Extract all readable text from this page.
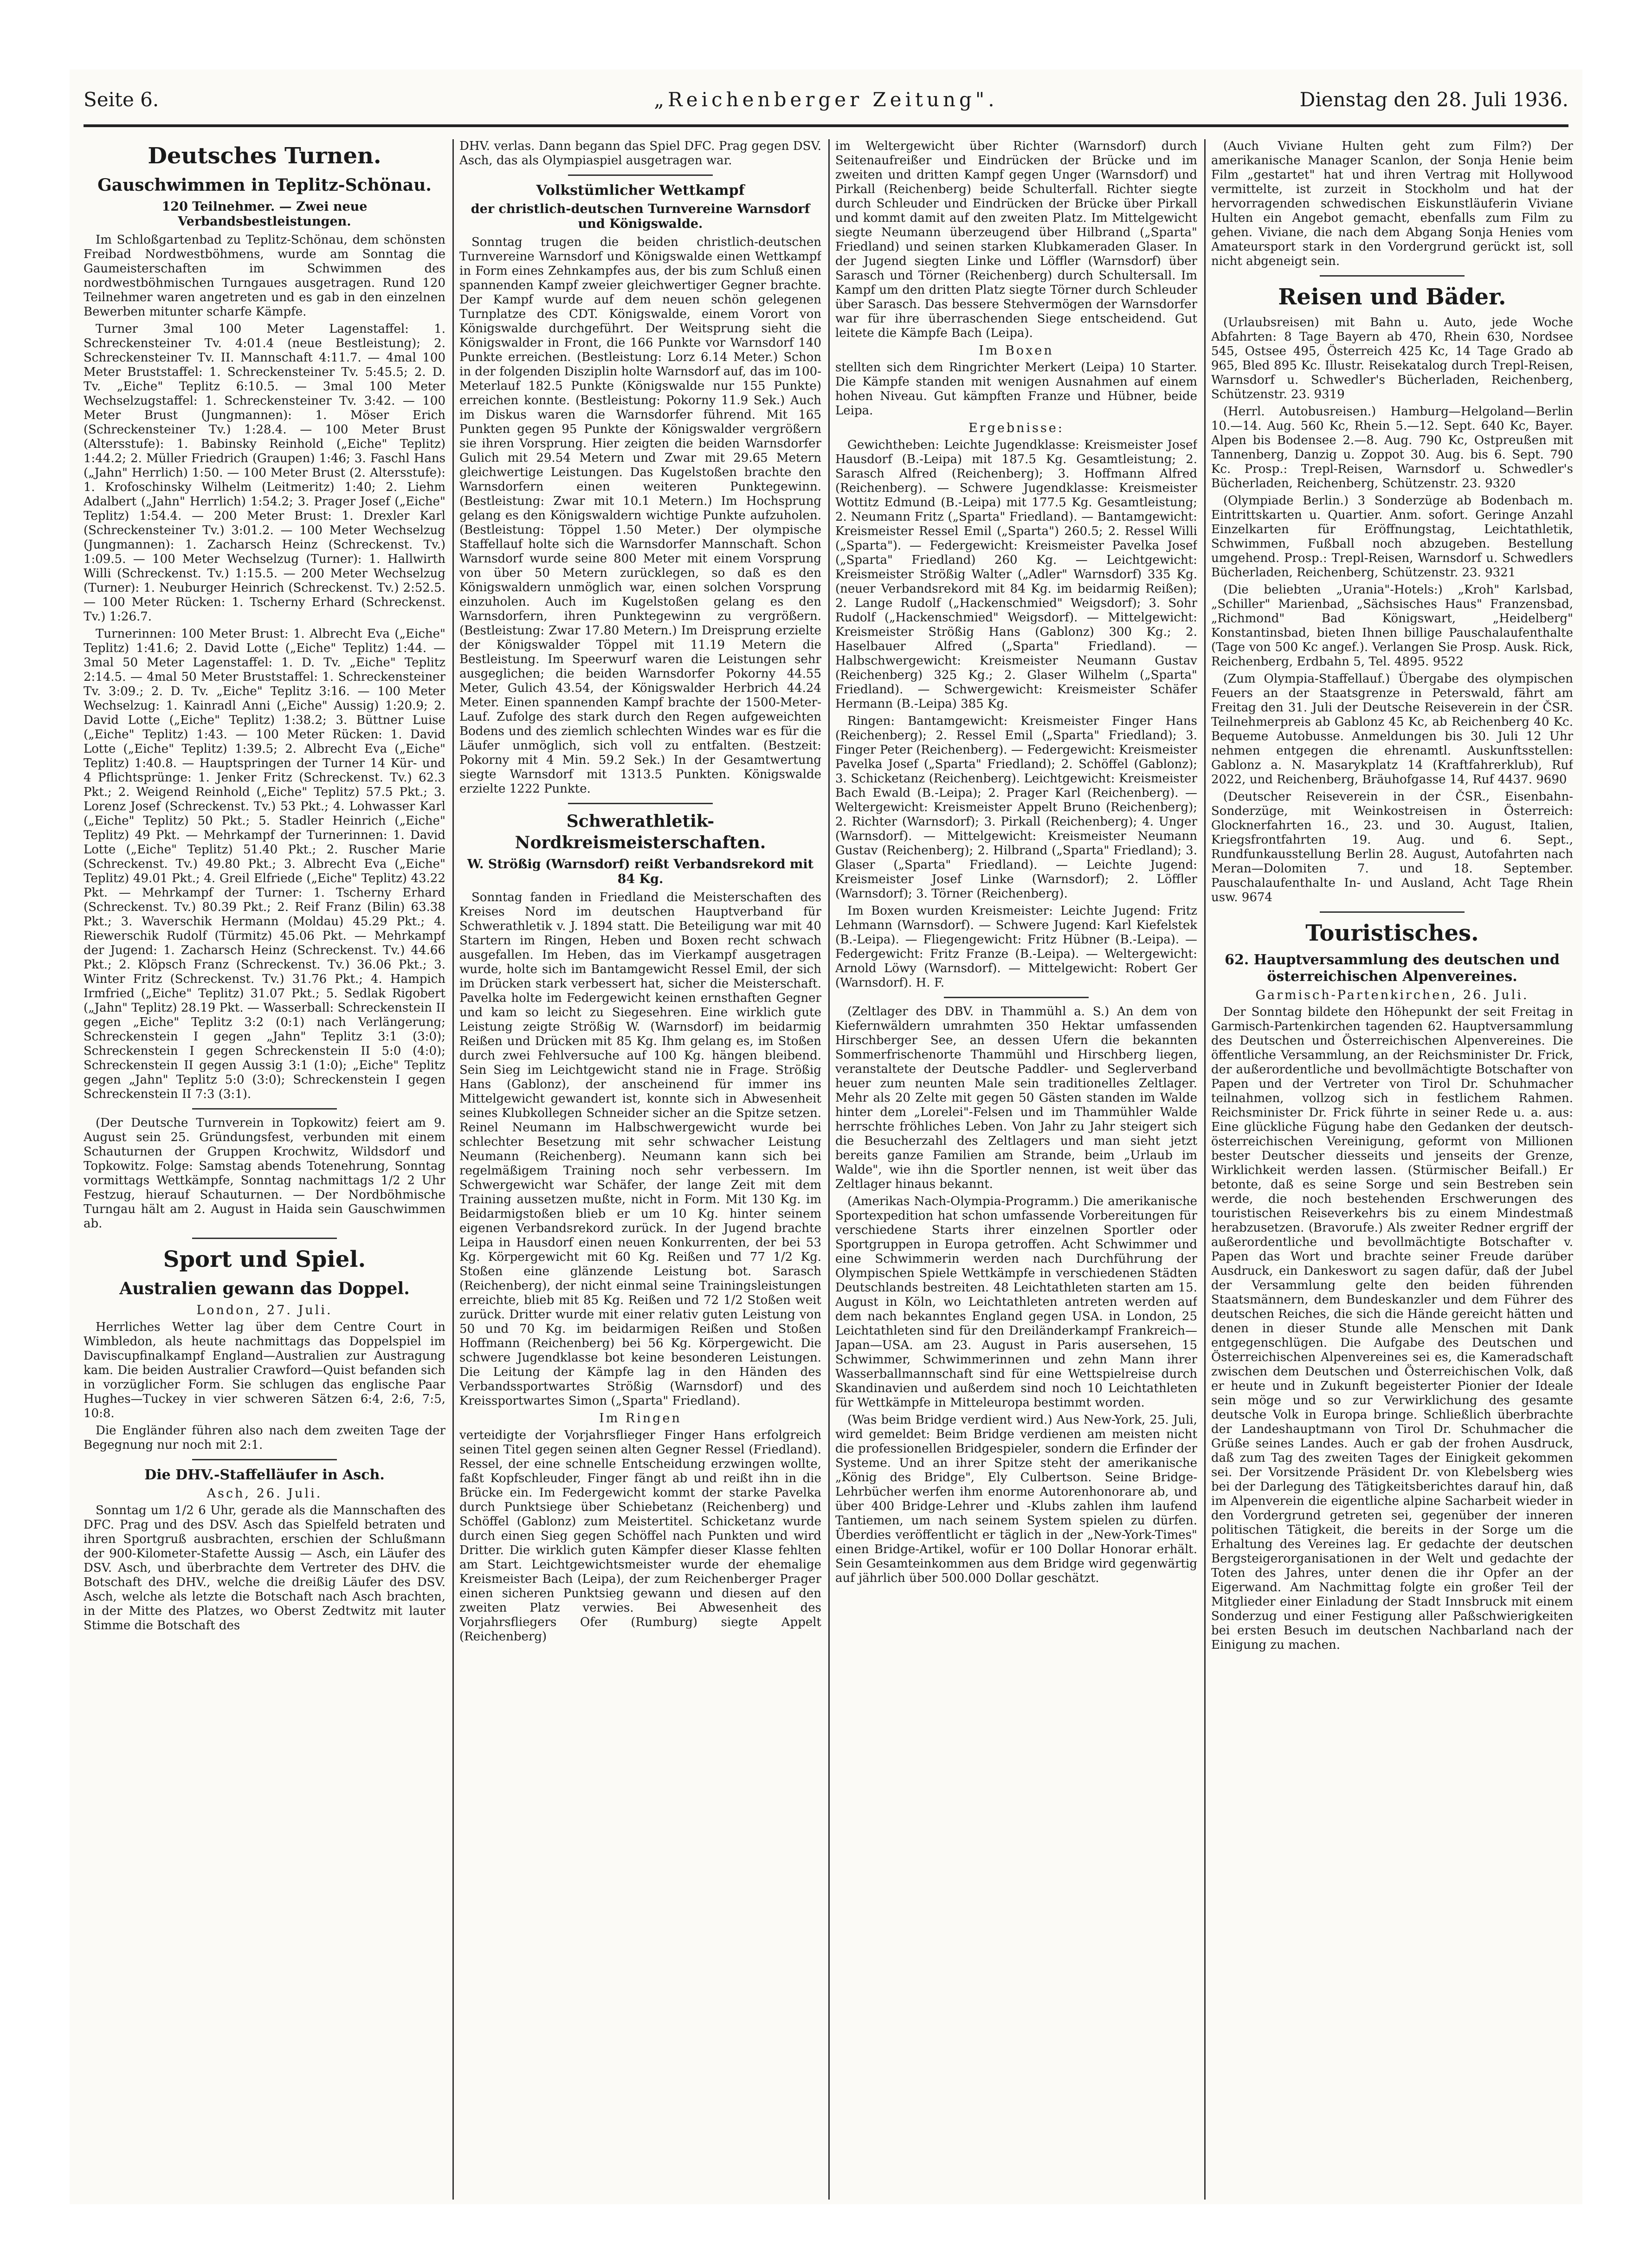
Seite 6.	„Reichenberger Zeitung".	Dienstag den 28. Juli 1936.
Deutsches Turnen.
Gauschwimmen in Teplitz-Schönau.
120 Teilnehmer. — Zwei neue Verbandsbestleistungen.

Im Schloßgartenbad zu Teplitz-Schönau, dem schönsten Freibad Nordwestböhmens, wurde am Sonntag die Gaumeisterschaften im Schwimmen des nordwestböhmischen Turngaues ausgetragen. Rund 120 Teilnehmer waren angetreten und es gab in den einzelnen Bewerben mitunter scharfe Kämpfe.

Turner 3mal 100 Meter Lagenstaffel: 1. Schreckensteiner Tv. 4:01.4 (neue Bestleistung); 2. Schreckensteiner Tv. II. Mannschaft 4:11.7. — 4mal 100 Meter Bruststaffel: 1. Schreckensteiner Tv. 5:45.5; 2. D. Tv. „Eiche" Teplitz 6:10.5. — 3mal 100 Meter Wechselzugstaffel: 1. Schreckensteiner Tv. 3:42. — 100 Meter Brust (Jungmannen): 1. Möser Erich (Schreckensteiner Tv.) 1:28.4. — 100 Meter Brust (Altersstufe): 1. Babinsky Reinhold („Eiche" Teplitz) 1:44.2; 2. Müller Friedrich (Graupen) 1:46; 3. Faschl Hans („Jahn" Herrlich) 1:50. — 100 Meter Brust (2. Altersstufe): 1. Krofoschinsky Wilhelm (Leitmeritz) 1:40; 2. Liehm Adalbert („Jahn" Herrlich) 1:54.2; 3. Prager Josef („Eiche" Teplitz) 1:54.4. — 200 Meter Brust: 1. Drexler Karl (Schreckensteiner Tv.) 3:01.2. — 100 Meter Wechselzug (Jungmannen): 1. Zacharsch Heinz (Schreckenst. Tv.) 1:09.5. — 100 Meter Wechselzug (Turner): 1. Hallwirth Willi (Schreckenst. Tv.) 1:15.5. — 200 Meter Wechselzug (Turner): 1. Neuburger Heinrich (Schreckenst. Tv.) 2:52.5. — 100 Meter Rücken: 1. Tscherny Erhard (Schreckenst. Tv.) 1:26.7.

Turnerinnen: 100 Meter Brust: 1. Albrecht Eva („Eiche" Teplitz) 1:41.6; 2. David Lotte („Eiche" Teplitz) 1:44. — 3mal 50 Meter Lagenstaffel: 1. D. Tv. „Eiche" Teplitz 2:14.5. — 4mal 50 Meter Bruststaffel: 1. Schreckensteiner Tv. 3:09.; 2. D. Tv. „Eiche" Teplitz 3:16. — 100 Meter Wechselzug: 1. Kainradl Anni („Eiche" Aussig) 1:20.9; 2. David Lotte („Eiche" Teplitz) 1:38.2; 3. Büttner Luise („Eiche" Teplitz) 1:43. — 100 Meter Rücken: 1. David Lotte („Eiche" Teplitz) 1:39.5; 2. Albrecht Eva („Eiche" Teplitz) 1:40.8. — Hauptspringen der Turner 14 Kür- und 4 Pflichtsprünge: 1. Jenker Fritz (Schreckenst. Tv.) 62.3 Pkt.; 2. Weigend Reinhold („Eiche" Teplitz) 57.5 Pkt.; 3. Lorenz Josef (Schreckenst. Tv.) 53 Pkt.; 4. Lohwasser Karl („Eiche" Teplitz) 50 Pkt.; 5. Stadler Heinrich („Eiche" Teplitz) 49 Pkt. — Mehrkampf der Turnerinnen: 1. David Lotte („Eiche" Teplitz) 51.40 Pkt.; 2. Ruscher Marie (Schreckenst. Tv.) 49.80 Pkt.; 3. Albrecht Eva („Eiche" Teplitz) 49.01 Pkt.; 4. Greil Elfriede („Eiche" Teplitz) 43.22 Pkt. — Mehrkampf der Turner: 1. Tscherny Erhard (Schreckenst. Tv.) 80.39 Pkt.; 2. Reif Franz (Bilin) 63.38 Pkt.; 3. Waverschik Hermann (Moldau) 45.29 Pkt.; 4. Riewerschik Rudolf (Türmitz) 45.06 Pkt. — Mehrkampf der Jugend: 1. Zacharsch Heinz (Schreckenst. Tv.) 44.66 Pkt.; 2. Klöpsch Franz (Schreckenst. Tv.) 36.06 Pkt.; 3. Winter Fritz (Schreckenst. Tv.) 31.76 Pkt.; 4. Hampich Irmfried („Eiche" Teplitz) 31.07 Pkt.; 5. Sedlak Rigobert („Jahn" Teplitz) 28.19 Pkt. — Wasserball: Schreckenstein II gegen „Eiche" Teplitz 3:2 (0:1) nach Verlängerung; Schreckenstein I gegen „Jahn" Teplitz 3:1 (3:0); Schreckenstein I gegen Schreckenstein II 5:0 (4:0); Schreckenstein II gegen Aussig 3:1 (1:0); „Eiche" Teplitz gegen „Jahn" Teplitz 5:0 (3:0); Schreckenstein I gegen Schreckenstein II 7:3 (3:1).

(Der Deutsche Turnverein in Topkowitz) feiert am 9. August sein 25. Gründungsfest, verbunden mit einem Schauturnen der Gruppen Krochwitz, Wildsdorf und Topkowitz. Folge: Samstag abends Totenehrung, Sonntag vormittags Wettkämpfe, Sonntag nachmittags 1/2 2 Uhr Festzug, hierauf Schauturnen. — Der Nordböhmische Turngau hält am 2. August in Haida sein Gauschwimmen ab.

Sport und Spiel.
Australien gewann das Doppel.
London, 27. Juli.

Herrliches Wetter lag über dem Centre Court in Wimbledon, als heute nachmittags das Doppelspiel im Daviscupfinalkampf England—Australien zur Austragung kam. Die beiden Australier Crawford—Quist befanden sich in vorzüglicher Form. Sie schlugen das englische Paar Hughes—Tuckey in vier schweren Sätzen 6:4, 2:6, 7:5, 10:8.

Die Engländer führen also nach dem zweiten Tage der Begegnung nur noch mit 2:1.

Die DHV.-Staffelläufer in Asch.
Asch, 26. Juli.

Sonntag um 1/2 6 Uhr, gerade als die Mannschaften des DFC. Prag und des DSV. Asch das Spielfeld betraten und ihren Sportgruß ausbrachten, erschien der Schlußmann der 900-Kilometer-Stafette Aussig — Asch, ein Läufer des DSV. Asch, und überbrachte dem Vertreter des DHV. die Botschaft des DHV., welche die dreißig Läufer des DSV. Asch, welche als letzte die Botschaft nach Asch brachten, in der Mitte des Platzes, wo Oberst Zedtwitz mit lauter Stimme die Botschaft des

DHV. verlas. Dann begann das Spiel DFC. Prag gegen DSV. Asch, das als Olympiaspiel ausgetragen war.

Volkstümlicher Wettkampf
der christlich-deutschen Turnvereine Warnsdorf und Königswalde.

Sonntag trugen die beiden christlich-deutschen Turnvereine Warnsdorf und Königswalde einen Wettkampf in Form eines Zehnkampfes aus, der bis zum Schluß einen spannenden Kampf zweier gleichwertiger Gegner brachte. Der Kampf wurde auf dem neuen schön gelegenen Turnplatze des CDT. Königswalde, einem Vorort von Königswalde durchgeführt. Der Weitsprung sieht die Königswalder in Front, die 166 Punkte vor Warnsdorf 140 Punkte erreichen. (Bestleistung: Lorz 6.14 Meter.) Schon in der folgenden Disziplin holte Warnsdorf auf, das im 100-Meterlauf 182.5 Punkte (Königswalde nur 155 Punkte) erreichen konnte. (Bestleistung: Pokorny 11.9 Sek.) Auch im Diskus waren die Warnsdorfer führend. Mit 165 Punkten gegen 95 Punkte der Königswalder vergrößern sie ihren Vorsprung. Hier zeigten die beiden Warnsdorfer Gulich mit 29.54 Metern und Zwar mit 29.65 Metern gleichwertige Leistungen. Das Kugelstoßen brachte den Warnsdorfern einen weiteren Punktegewinn. (Bestleistung: Zwar mit 10.1 Metern.) Im Hochsprung gelang es den Königswaldern wichtige Punkte aufzuholen. (Bestleistung: Töppel 1.50 Meter.) Der olympische Staffellauf holte sich die Warnsdorfer Mannschaft. Schon Warnsdorf wurde seine 800 Meter mit einem Vorsprung von über 50 Metern zurücklegen, so daß es den Königswaldern unmöglich war, einen solchen Vorsprung einzuholen. Auch im Kugelstoßen gelang es den Warnsdorfern, ihren Punktegewinn zu vergrößern. (Bestleistung: Zwar 17.80 Metern.) Im Dreisprung erzielte der Königswalder Töppel mit 11.19 Metern die Bestleistung. Im Speerwurf waren die Leistungen sehr ausgeglichen; die beiden Warnsdorfer Pokorny 44.55 Meter, Gulich 43.54, der Königswalder Herbrich 44.24 Meter. Einen spannenden Kampf brachte der 1500-Meter-Lauf. Zufolge des stark durch den Regen aufgeweichten Bodens und des ziemlich schlechten Windes war es für die Läufer unmöglich, sich voll zu entfalten. (Bestzeit: Pokorny mit 4 Min. 59.2 Sek.) In der Gesamtwertung siegte Warnsdorf mit 1313.5 Punkten. Königswalde erzielte 1222 Punkte.

Schwerathletik-Nordkreismeisterschaften.
W. Strößig (Warnsdorf) reißt Verbandsrekord mit 84 Kg.

Sonntag fanden in Friedland die Meisterschaften des Kreises Nord im deutschen Hauptverband für Schwerathletik v. J. 1894 statt. Die Beteiligung war mit 40 Startern im Ringen, Heben und Boxen recht schwach ausgefallen. Im Heben, das im Vierkampf ausgetragen wurde, holte sich im Bantamgewicht Ressel Emil, der sich im Drücken stark verbessert hat, sicher die Meisterschaft. Pavelka holte im Federgewicht keinen ernsthaften Gegner und kam so leicht zu Siegesehren. Eine wirklich gute Leistung zeigte Strößig W. (Warnsdorf) im beidarmig Reißen und Drücken mit 85 Kg. Ihm gelang es, im Stoßen durch zwei Fehlversuche auf 100 Kg. hängen bleibend. Sein Sieg im Leichtgewicht stand nie in Frage. Strößig Hans (Gablonz), der anscheinend für immer ins Mittelgewicht gewandert ist, konnte sich in Abwesenheit seines Klubkollegen Schneider sicher an die Spitze setzen. Reinel Neumann im Halbschwergewicht wurde bei schlechter Besetzung mit sehr schwacher Leistung Neumann (Reichenberg). Neumann kann sich bei regelmäßigem Training noch sehr verbessern. Im Schwergewicht war Schäfer, der lange Zeit mit dem Training aussetzen mußte, nicht in Form. Mit 130 Kg. im Beidarmigstoßen blieb er um 10 Kg. hinter seinem eigenen Verbandsrekord zurück. In der Jugend brachte Leipa in Hausdorf einen neuen Konkurrenten, der bei 53 Kg. Körpergewicht mit 60 Kg. Reißen und 77 1/2 Kg. Stoßen eine glänzende Leistung bot. Sarasch (Reichenberg), der nicht einmal seine Trainingsleistungen erreichte, blieb mit 85 Kg. Reißen und 72 1/2 Stoßen weit zurück. Dritter wurde mit einer relativ guten Leistung von 50 und 70 Kg. im beidarmigen Reißen und Stoßen Hoffmann (Reichenberg) bei 56 Kg. Körpergewicht. Die schwere Jugendklasse bot keine besonderen Leistungen. Die Leitung der Kämpfe lag in den Händen des Verbandssportwartes Strößig (Warnsdorf) und des Kreissportwartes Simon („Sparta" Friedland).

Im Ringen

verteidigte der Vorjahrsflieger Finger Hans erfolgreich seinen Titel gegen seinen alten Gegner Ressel (Friedland). Ressel, der eine schnelle Entscheidung erzwingen wollte, faßt Kopfschleuder, Finger fängt ab und reißt ihn in die Brücke ein. Im Federgewicht kommt der starke Pavelka durch Punktsiege über Schiebetanz (Reichenberg) und Schöffel (Gablonz) zum Meistertitel. Schicketanz wurde durch einen Sieg gegen Schöffel nach Punkten und wird Dritter. Die wirklich guten Kämpfer dieser Klasse fehlten am Start. Leichtgewichtsmeister wurde der ehemalige Kreismeister Bach (Leipa), der zum Reichenberger Prager einen sicheren Punktsieg gewann und diesen auf den zweiten Platz verwies. Bei Abwesenheit des Vorjahrsfliegers Ofer (Rumburg) siegte Appelt (Reichenberg)

im Weltergewicht über Richter (Warnsdorf) durch Seitenaufreißer und Eindrücken der Brücke und im zweiten und dritten Kampf gegen Unger (Warnsdorf) und Pirkall (Reichenberg) beide Schulterfall. Richter siegte durch Schleuder und Eindrücken der Brücke über Pirkall und kommt damit auf den zweiten Platz. Im Mittelgewicht siegte Neumann überzeugend über Hilbrand („Sparta" Friedland) und seinen starken Klubkameraden Glaser. In der Jugend siegten Linke und Löffler (Warnsdorf) über Sarasch und Törner (Reichenberg) durch Schultersall. Im Kampf um den dritten Platz siegte Törner durch Schleuder über Sarasch. Das bessere Stehvermögen der Warnsdorfer war für ihre überraschenden Siege entscheidend. Gut leitete die Kämpfe Bach (Leipa).

Im Boxen

stellten sich dem Ringrichter Merkert (Leipa) 10 Starter. Die Kämpfe standen mit wenigen Ausnahmen auf einem hohen Niveau. Gut kämpften Franze und Hübner, beide Leipa.

Ergebnisse:

Gewichtheben: Leichte Jugendklasse: Kreismeister Josef Hausdorf (B.-Leipa) mit 187.5 Kg. Gesamtleistung; 2. Sarasch Alfred (Reichenberg); 3. Hoffmann Alfred (Reichenberg). — Schwere Jugendklasse: Kreismeister Wottitz Edmund (B.-Leipa) mit 177.5 Kg. Gesamtleistung; 2. Neumann Fritz („Sparta" Friedland). — Bantamgewicht: Kreismeister Ressel Emil („Sparta") 260.5; 2. Ressel Willi („Sparta"). — Federgewicht: Kreismeister Pavelka Josef („Sparta" Friedland) 260 Kg. — Leichtgewicht: Kreismeister Strößig Walter („Adler" Warnsdorf) 335 Kg. (neuer Verbandsrekord mit 84 Kg. im beidarmig Reißen); 2. Lange Rudolf („Hackenschmied" Weigsdorf); 3. Sohr Rudolf („Hackenschmied" Weigsdorf). — Mittelgewicht: Kreismeister Strößig Hans (Gablonz) 300 Kg.; 2. Haselbauer Alfred („Sparta" Friedland). — Halbschwergewicht: Kreismeister Neumann Gustav (Reichenberg) 325 Kg.; 2. Glaser Wilhelm („Sparta" Friedland). — Schwergewicht: Kreismeister Schäfer Hermann (B.-Leipa) 385 Kg.

Ringen: Bantamgewicht: Kreismeister Finger Hans (Reichenberg); 2. Ressel Emil („Sparta" Friedland); 3. Finger Peter (Reichenberg). — Federgewicht: Kreismeister Pavelka Josef („Sparta" Friedland); 2. Schöffel (Gablonz); 3. Schicketanz (Reichenberg). Leichtgewicht: Kreismeister Bach Ewald (B.-Leipa); 2. Prager Karl (Reichenberg). — Weltergewicht: Kreismeister Appelt Bruno (Reichenberg); 2. Richter (Warnsdorf); 3. Pirkall (Reichenberg); 4. Unger (Warnsdorf). — Mittelgewicht: Kreismeister Neumann Gustav (Reichenberg); 2. Hilbrand („Sparta" Friedland); 3. Glaser („Sparta" Friedland). — Leichte Jugend: Kreismeister Josef Linke (Warnsdorf); 2. Löffler (Warnsdorf); 3. Törner (Reichenberg).

Im Boxen wurden Kreismeister: Leichte Jugend: Fritz Lehmann (Warnsdorf). — Schwere Jugend: Karl Kiefelstek (B.-Leipa). — Fliegengewicht: Fritz Hübner (B.-Leipa). — Federgewicht: Fritz Franze (B.-Leipa). — Weltergewicht: Arnold Löwy (Warnsdorf). — Mittelgewicht: Robert Ger (Warnsdorf). H. F.

(Zeltlager des DBV. in Thammühl a. S.) An dem von Kiefernwäldern umrahmten 350 Hektar umfassenden Hirschberger See, an dessen Ufern die bekannten Sommerfrischenorte Thammühl und Hirschberg liegen, veranstaltete der Deutsche Paddler- und Seglerverband heuer zum neunten Male sein traditionelles Zeltlager. Mehr als 20 Zelte mit gegen 50 Gästen standen im Walde hinter dem „Lorelei"-Felsen und im Thammühler Walde herrschte fröhliches Leben. Von Jahr zu Jahr steigert sich die Besucherzahl des Zeltlagers und man sieht jetzt bereits ganze Familien am Strande, beim „Urlaub im Walde", wie ihn die Sportler nennen, ist weit über das Zeltlager hinaus bekannt.

(Amerikas Nach-Olympia-Programm.) Die amerikanische Sportexpedition hat schon umfassende Vorbereitungen für verschiedene Starts ihrer einzelnen Sportler oder Sportgruppen in Europa getroffen. Acht Schwimmer und eine Schwimmerin werden nach Durchführung der Olympischen Spiele Wettkämpfe in verschiedenen Städten Deutschlands bestreiten. 48 Leichtathleten starten am 15. August in Köln, wo Leichtathleten antreten werden auf dem nach bekanntes England gegen USA. in London, 25 Leichtathleten sind für den Dreiländerkampf Frankreich—Japan—USA. am 23. August in Paris ausersehen, 15 Schwimmer, Schwimmerinnen und zehn Mann ihrer Wasserballmannschaft sind für eine Wettspielreise durch Skandinavien und außerdem sind noch 10 Leichtathleten für Wettkämpfe in Mitteleuropa bestimmt worden.

(Was beim Bridge verdient wird.) Aus New-York, 25. Juli, wird gemeldet: Beim Bridge verdienen am meisten nicht die professionellen Bridgespieler, sondern die Erfinder der Systeme. Und an ihrer Spitze steht der amerikanische „König des Bridge", Ely Culbertson. Seine Bridge-Lehrbücher werfen ihm enorme Autorenhonorare ab, und über 400 Bridge-Lehrer und -Klubs zahlen ihm laufend Tantiemen, um nach seinem System spielen zu dürfen. Überdies veröffentlicht er täglich in der „New-York-Times" einen Bridge-Artikel, wofür er 100 Dollar Honorar erhält. Sein Gesamteinkommen aus dem Bridge wird gegenwärtig auf jährlich über 500.000 Dollar geschätzt.

(Auch Viviane Hulten geht zum Film?) Der amerikanische Manager Scanlon, der Sonja Henie beim Film „gestartet" hat und ihren Vertrag mit Hollywood vermittelte, ist zurzeit in Stockholm und hat der hervorragenden schwedischen Eiskunstläuferin Viviane Hulten ein Angebot gemacht, ebenfalls zum Film zu gehen. Viviane, die nach dem Abgang Sonja Henies vom Amateursport stark in den Vordergrund gerückt ist, soll nicht abgeneigt sein.

Reisen und Bäder.

(Urlaubsreisen) mit Bahn u. Auto, jede Woche Abfahrten: 8 Tage Bayern ab 470, Rhein 630, Nordsee 545, Ostsee 495, Österreich 425 Kc, 14 Tage Grado ab 965, Bled 895 Kc. Illustr. Reisekatalog durch Trepl-Reisen, Warnsdorf u. Schwedler's Bücherladen, Reichenberg, Schützenstr. 23. 9319

(Herrl. Autobusreisen.) Hamburg—Helgoland—Berlin 10.—14. Aug. 560 Kc, Rhein 5.—12. Sept. 640 Kc, Bayer. Alpen bis Bodensee 2.—8. Aug. 790 Kc, Ostpreußen mit Tannenberg, Danzig u. Zoppot 30. Aug. bis 6. Sept. 790 Kc. Prosp.: Trepl-Reisen, Warnsdorf u. Schwedler's Bücherladen, Reichenberg, Schützenstr. 23. 9320

(Olympiade Berlin.) 3 Sonderzüge ab Bodenbach m. Eintrittskarten u. Quartier. Anm. sofort. Geringe Anzahl Einzelkarten für Eröffnungstag, Leichtathletik, Schwimmen, Fußball noch abzugeben. Bestellung umgehend. Prosp.: Trepl-Reisen, Warnsdorf u. Schwedlers Bücherladen, Reichenberg, Schützenstr. 23. 9321

(Die beliebten „Urania"-Hotels:) „Kroh" Karlsbad, „Schiller" Marienbad, „Sächsisches Haus" Franzensbad, „Richmond" Bad Königswart, „Heidelberg" Konstantinsbad, bieten Ihnen billige Pauschalaufenthalte (Tage von 500 Kc angef.). Verlangen Sie Prosp. Ausk. Rick, Reichenberg, Erdbahn 5, Tel. 4895. 9522

(Zum Olympia-Staffellauf.) Übergabe des olympischen Feuers an der Staatsgrenze in Peterswald, fährt am Freitag den 31. Juli der Deutsche Reiseverein in der ČSR. Teilnehmerpreis ab Gablonz 45 Kc, ab Reichenberg 40 Kc. Bequeme Autobusse. Anmeldungen bis 30. Juli 12 Uhr nehmen entgegen die ehrenamtl. Auskunftsstellen: Gablonz a. N. Masarykplatz 14 (Kraftfahrerklub), Ruf 2022, und Reichenberg, Bräuhofgasse 14, Ruf 4437. 9690

(Deutscher Reiseverein in der ČSR., Eisenbahn-Sonderzüge, mit Weinkostreisen in Österreich: Glocknerfahrten 16., 23. und 30. August, Italien, Kriegsfrontfahrten 19. Aug. und 6. Sept., Rundfunkausstellung Berlin 28. August, Autofahrten nach Meran—Dolomiten 7. und 18. September. Pauschalaufenthalte In- und Ausland, Acht Tage Rhein usw. 9674

Touristisches.
62. Hauptversammlung des deutschen und österreichischen Alpenvereines.
Garmisch-Partenkirchen, 26. Juli.

Der Sonntag bildete den Höhepunkt der seit Freitag in Garmisch-Partenkirchen tagenden 62. Hauptversammlung des Deutschen und Österreichischen Alpenvereines. Die öffentliche Versammlung, an der Reichsminister Dr. Frick, der außerordentliche und bevollmächtigte Botschafter von Papen und der Vertreter von Tirol Dr. Schuhmacher teilnahmen, vollzog sich in festlichem Rahmen. Reichsminister Dr. Frick führte in seiner Rede u. a. aus: Eine glückliche Fügung habe den Gedanken der deutsch-österreichischen Vereinigung, geformt von Millionen bester Deutscher diesseits und jenseits der Grenze, Wirklichkeit werden lassen. (Stürmischer Beifall.) Er betonte, daß es seine Sorge und sein Bestreben sein werde, die noch bestehenden Erschwerungen des touristischen Reiseverkehrs bis zu einem Mindestmaß herabzusetzen. (Bravorufe.) Als zweiter Redner ergriff der außerordentliche und bevollmächtigte Botschafter v. Papen das Wort und brachte seiner Freude darüber Ausdruck, ein Dankeswort zu sagen dafür, daß der Jubel der Versammlung gelte den beiden führenden Staatsmännern, dem Bundeskanzler und dem Führer des deutschen Reiches, die sich die Hände gereicht hätten und denen in dieser Stunde alle Menschen mit Dank entgegenschlügen. Die Aufgabe des Deutschen und Österreichischen Alpenvereines sei es, die Kameradschaft zwischen dem Deutschen und Österreichischen Volk, daß er heute und in Zukunft begeisterter Pionier der Ideale sein möge und so zur Verwirklichung des gesamte deutsche Volk in Europa bringe. Schließlich überbrachte der Landeshauptmann von Tirol Dr. Schuhmacher die Grüße seines Landes. Auch er gab der frohen Ausdruck, daß zum Tag des zweiten Tages der Einigkeit gekommen sei. Der Vorsitzende Präsident Dr. von Klebelsberg wies bei der Darlegung des Tätigkeitsberichtes darauf hin, daß im Alpenverein die eigentliche alpine Sacharbeit wieder in den Vordergrund getreten sei, gegenüber der inneren politischen Tätigkeit, die bereits in der Sorge um die Erhaltung des Vereines lag. Er gedachte der deutschen Bergsteigerorganisationen in der Welt und gedachte der Toten des Jahres, unter denen die ihr Opfer an der Eigerwand. Am Nachmittag folgte ein großer Teil der Mitglieder einer Einladung der Stadt Innsbruck mit einem Sonderzug und einer Festigung aller Paßschwierigkeiten bei ersten Besuch im deutschen Nachbarland nach der Einigung zu machen.
